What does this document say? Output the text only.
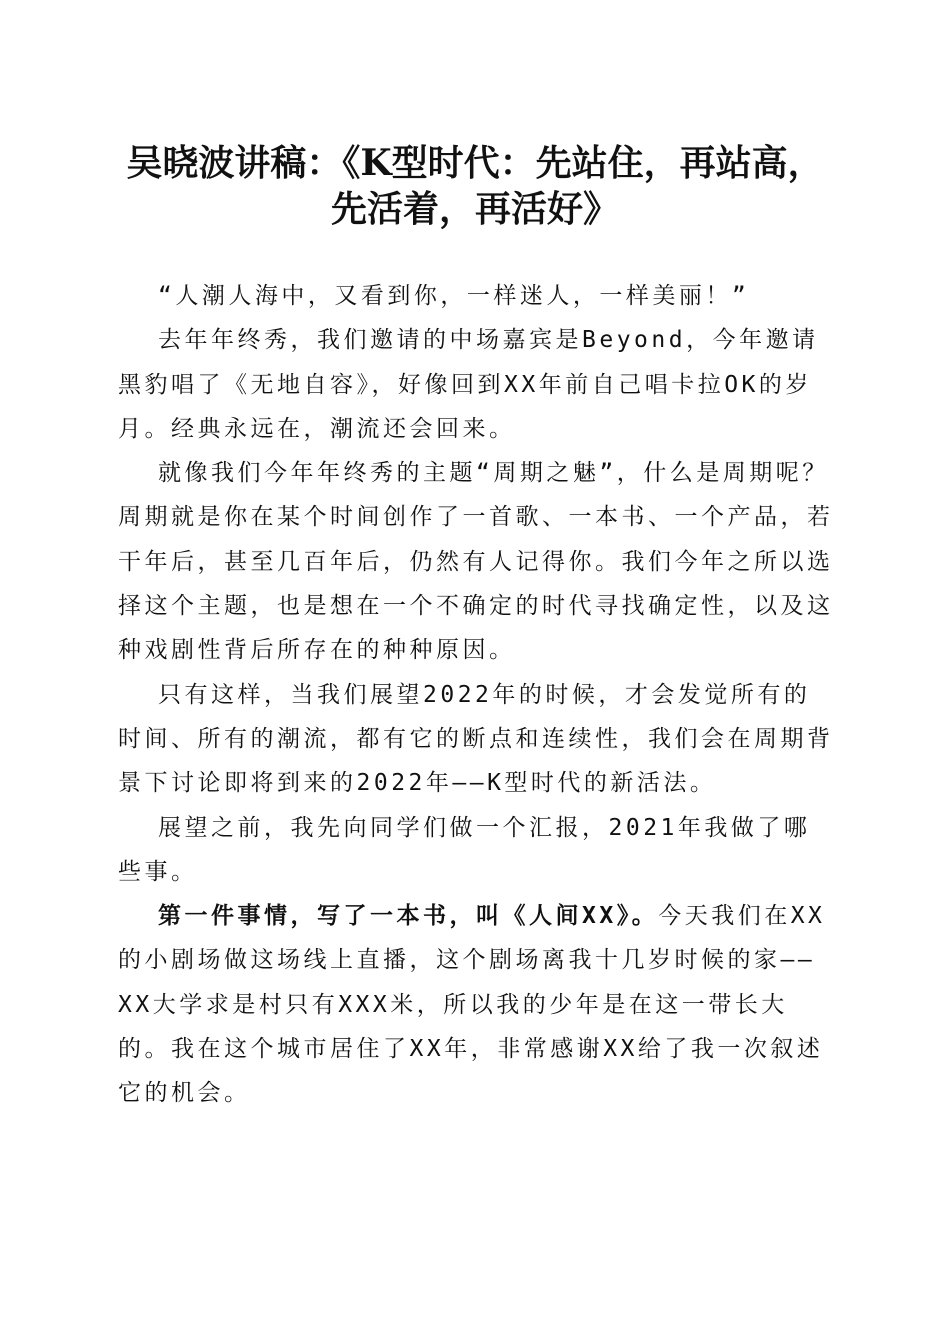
吴晓波讲稿：《K型时代：先站住，再站高，
先活着，再活好》

“人潮人海中，又看到你，一样迷人，一样美丽！”

去年年终秀，我们邀请的中场嘉宾是Beyond，今年邀请黑豹唱了《无地自容》，好像回到XX年前自己唱卡拉OK的岁月。经典永远在，潮流还会回来。

就像我们今年年终秀的主题“周期之魅”，什么是周期呢？周期就是你在某个时间创作了一首歌、一本书、一个产品，若干年后，甚至几百年后，仍然有人记得你。我们今年之所以选择这个主题，也是想在一个不确定的时代寻找确定性，以及这种戏剧性背后所存在的种种原因。

只有这样，当我们展望2022年的时候，才会发觉所有的时间、所有的潮流，都有它的断点和连续性，我们会在周期背景下讨论即将到来的2022年——K型时代的新活法。

展望之前，我先向同学们做一个汇报，2021年我做了哪些事。

第一件事情，写了一本书，叫《人间XX》。今天我们在XX的小剧场做这场线上直播，这个剧场离我十几岁时候的家——XX大学求是村只有XXX米，所以我的少年是在这一带长大的。我在这个城市居住了XX年，非常感谢XX给了我一次叙述它的机会。
